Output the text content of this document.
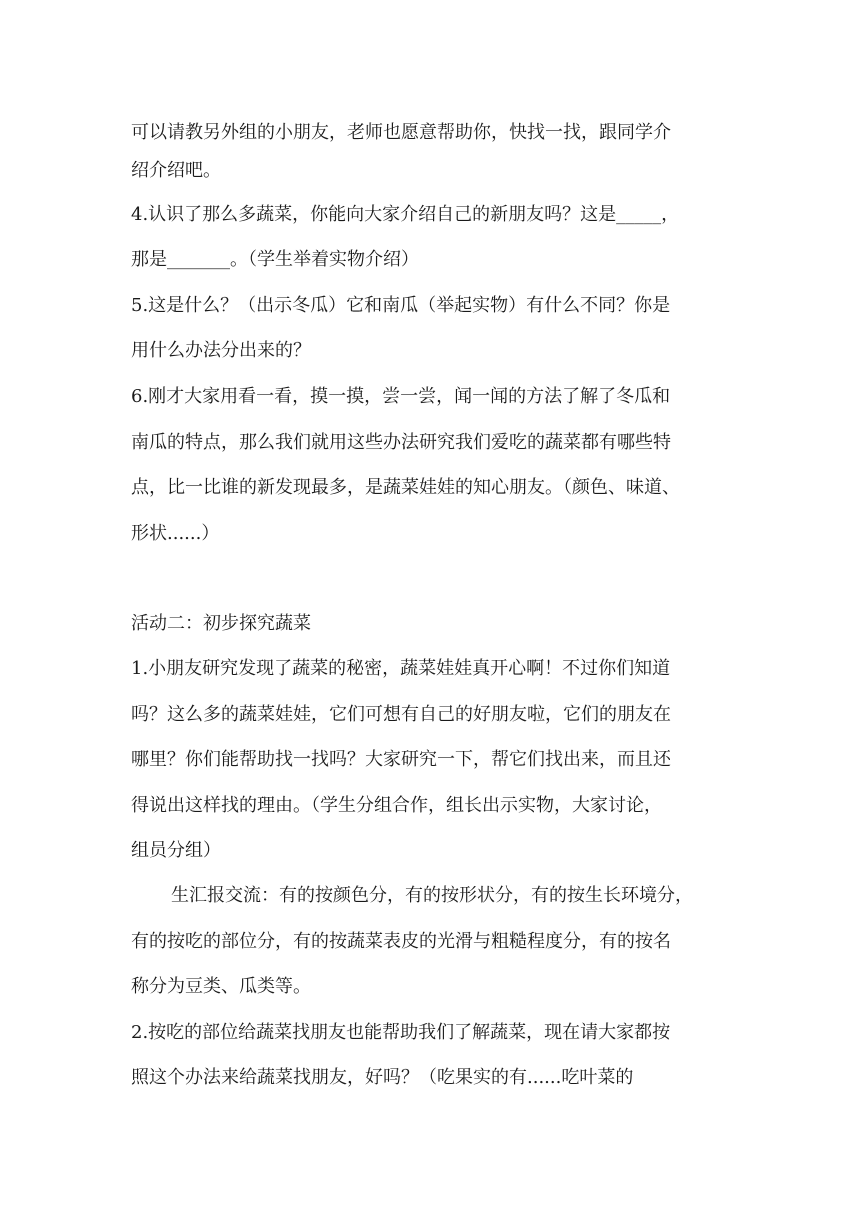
可以请教另外组的小朋友，老师也愿意帮助你，快找一找，跟同学介
绍介绍吧。
4.认识了那么多蔬菜，你能向大家介绍自己的新朋友吗？这是_____，
那是_______。（学生举着实物介绍）
5.这是什么？（出示冬瓜）它和南瓜（举起实物）有什么不同？你是
用什么办法分出来的？
6.刚才大家用看一看，摸一摸，尝一尝，闻一闻的方法了解了冬瓜和
南瓜的特点，那么我们就用这些办法研究我们爱吃的蔬菜都有哪些特
点，比一比谁的新发现最多，是蔬菜娃娃的知心朋友。（颜色、味道、
形状......）
活动二：初步探究蔬菜
1.小朋友研究发现了蔬菜的秘密，蔬菜娃娃真开心啊！不过你们知道
吗？这么多的蔬菜娃娃，它们可想有自己的好朋友啦，它们的朋友在
哪里？你们能帮助找一找吗？大家研究一下，帮它们找出来，而且还
得说出这样找的理由。（学生分组合作，组长出示实物，大家讨论，
组员分组）
生汇报交流：有的按颜色分，有的按形状分，有的按生长环境分，
有的按吃的部位分，有的按蔬菜表皮的光滑与粗糙程度分，有的按名
称分为豆类、瓜类等。
2.按吃的部位给蔬菜找朋友也能帮助我们了解蔬菜，现在请大家都按
照这个办法来给蔬菜找朋友，好吗？（吃果实的有......吃叶菜的
